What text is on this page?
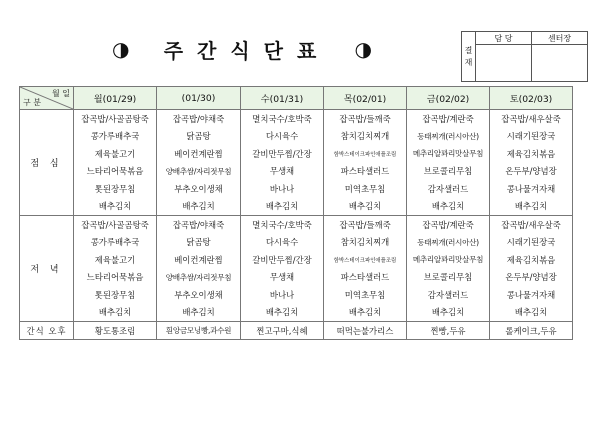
◑ 주간식단표 ◑	결 재	담 당	센터장

월 일
구 분	월(01/29)	(01/30)	수(01/31)	목(02/01)	금(02/02)	토(02/03)
점 심	잡곡밥/사골곰탕죽	잡곡밥/야채죽	멸치국수/호박죽	잡곡밥/들깨죽	잡곡밥/계란죽	잡곡밥/새우살죽
	콩가루배추국	닭곰탕	다시육수	참치김치찌개	동태찌개(러시아산)	시래기된장국
	제육불고기	베이컨계란찜	갈비만두찜/간장	함박스테이크파인애플조림	메추리알꽈리맛살무침	제육김치볶음
	느타리어묵볶음	양배추쌈/자리젓무침	무생채	파스타샐러드	브로콜리무침	온두부/양념장
	톳된장무침	부추오이생채	바나나	미역초무침	감자샐러드	콩나물겨자채
	배추김치	배추김치	배추김치	배추김치	배추김치	배추김치
저 녁	잡곡밥/사골곰탕죽	잡곡밥/야채죽	멸치국수/호박죽	잡곡밥/들깨죽	잡곡밥/계란죽	잡곡밥/새우살죽
	콩가루배추국	닭곰탕	다시육수	참치김치찌개	동태찌개(러시아산)	시래기된장국
	제육불고기	베이컨계란찜	갈비만두찜/간장	함박스테이크파인애플조림	메추리알꽈리맛살무침	제육김치볶음
	느타리어묵볶음	양배추쌈/자리젓무침	무생채	파스타샐러드	브로콜리무침	온두부/양념장
	톳된장무침	부추오이생채	바나나	미역초무침	감자샐러드	콩나물겨자채
	배추김치	배추김치	배추김치	배추김치	배추김치	배추김치
간식 오후	황도통조림	흰앙금모닝빵,과수원	찐고구마,식혜	떠먹는불가리스	찐빵,두유	롤케이크,두유
